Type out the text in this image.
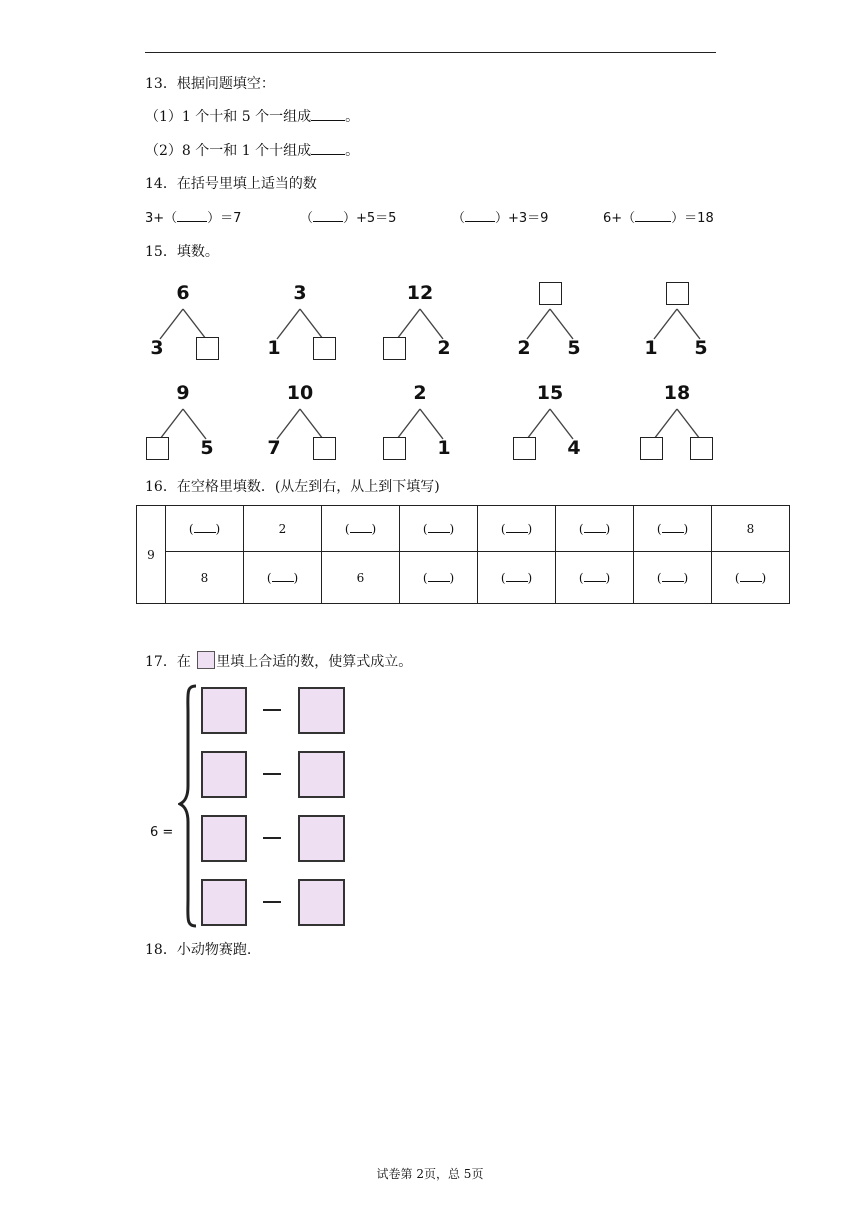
13．根据问题填空：
（1）1 个十和 5 个一组成 。
（2）8 个一和 1 个十组成 。
14．在括号里填上适当的数
3+（ ）＝7	（ ）+5＝5	（ ）+3＝9	6+（	）＝18
15．填数。
6
3
3
1
12
2	2	5	1	5
9
5
10
7
2
1
15
4
18
16．在空格里填数．(从左到右，从上到下填写)
9	( )	2	( )	( )	( )	( )	( )	8
	8	( )	6	( )	( )	( )	( )	( )
17．在 里填上合适的数，使算式成立。
6 =
18．小动物赛跑.
试卷第 2页，总 5页
